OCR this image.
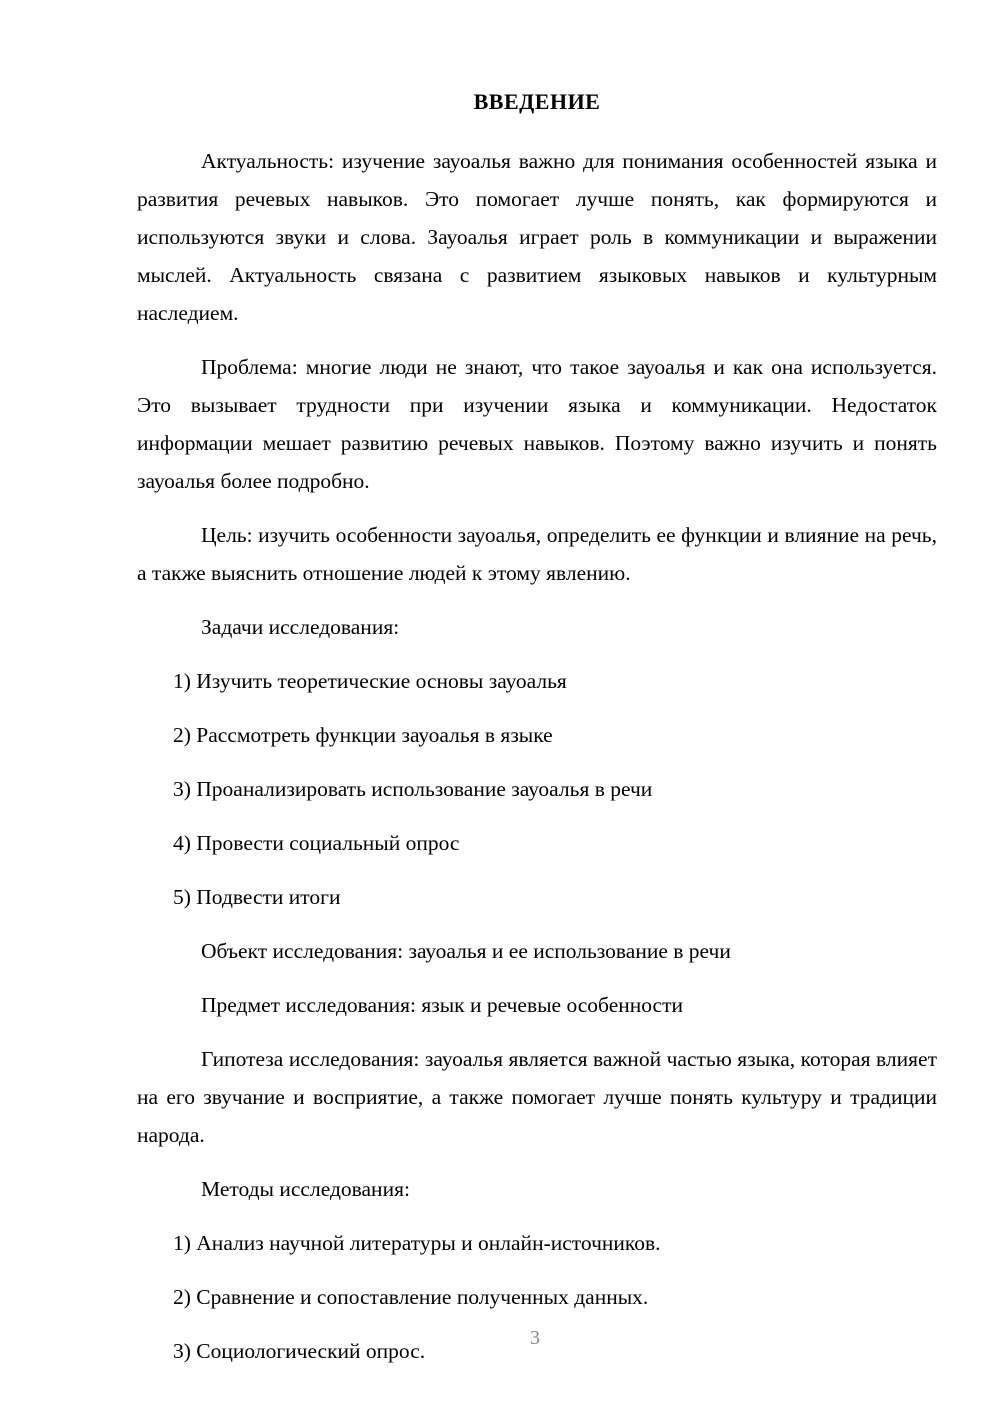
ВВЕДЕНИЕ

Актуальность: изучение зауоалья важно для понимания особенностей языка и развития речевых навыков. Это помогает лучше понять, как формируются и используются звуки и слова. Зауоалья играет роль в коммуникации и выражении мыслей. Актуальность связана с развитием языковых навыков и культурным наследием.

Проблема: многие люди не знают, что такое зауоалья и как она используется. Это вызывает трудности при изучении языка и коммуникации. Недостаток информации мешает развитию речевых навыков. Поэтому важно изучить и понять зауоалья более подробно.

Цель: изучить особенности зауоалья, определить ее функции и влияние на речь, а также выяснить отношение людей к этому явлению.

Задачи исследования:

1) Изучить теоретические основы зауоалья
2) Рассмотреть функции зауоалья в языке
3) Проанализировать использование зауоалья в речи
4) Провести социальный опрос
5) Подвести итоги

Объект исследования: зауоалья и ее использование в речи

Предмет исследования: язык и речевые особенности

Гипотеза исследования: зауоалья является важной частью языка, которая влияет на его звучание и восприятие, а также помогает лучше понять культуру и традиции народа.

Методы исследования:

1) Анализ научной литературы и онлайн-источников.
2) Сравнение и сопоставление полученных данных.
3) Социологический опрос.
3
